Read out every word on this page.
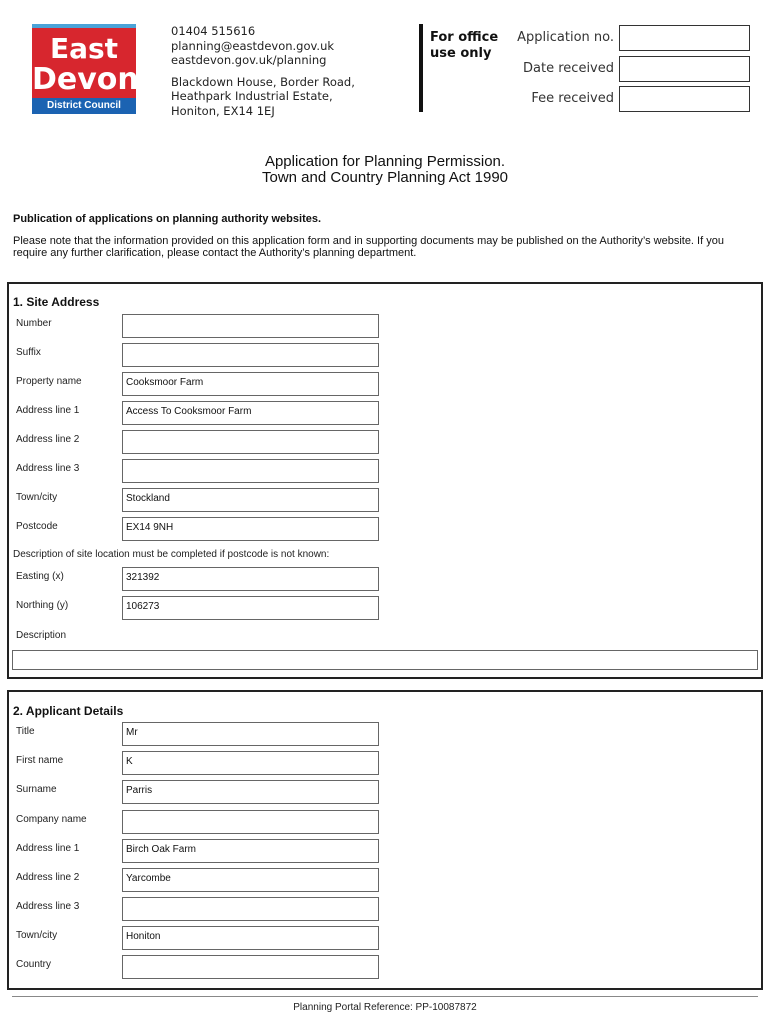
East
Devon
District Council
01404 515616
planning@eastdevon.gov.uk
eastdevon.gov.uk/planning
Blackdown House, Border Road,
Heathpark Industrial Estate,
Honiton, EX14 1EJ
For office use only
Application no.
Date received
Fee received
Application for Planning Permission.
Town and Country Planning Act 1990
Publication of applications on planning authority websites.
Please note that the information provided on this application form and in supporting documents may be published on the Authority’s website. If you require any further clarification, please contact the Authority’s planning department.
1. Site Address
Number
Suffix
Property name	Cooksmoor Farm
Address line 1	Access To Cooksmoor Farm
Address line 2
Address line 3
Town/city	Stockland
Postcode	EX14 9NH
Description of site location must be completed if postcode is not known:
Easting (x)	321392
Northing (y)	106273
Description
2. Applicant Details
Title	Mr
First name	K
Surname	Parris
Company name
Address line 1	Birch Oak Farm
Address line 2	Yarcombe
Address line 3
Town/city	Honiton
Country
Planning Portal Reference: PP-10087872
